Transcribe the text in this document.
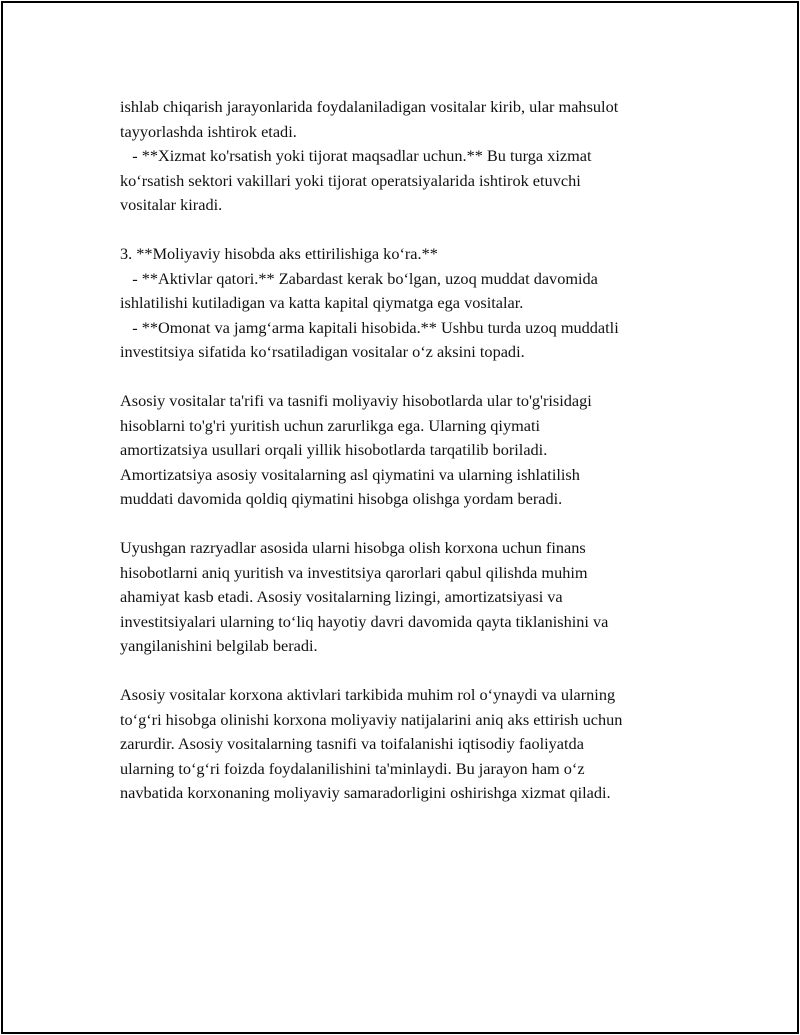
ishlab chiqarish jarayonlarida foydalaniladigan vositalar kirib, ular mahsulot
tayyorlashda ishtirok etadi.
- **Xizmat ko'rsatish yoki tijorat maqsadlar uchun.** Bu turga xizmat
ko‘rsatish sektori vakillari yoki tijorat operatsiyalarida ishtirok etuvchi
vositalar kiradi.
3. **Moliyaviy hisobda aks ettirilishiga ko‘ra.**
- **Aktivlar qatori.** Zabardast kerak bo‘lgan, uzoq muddat davomida
ishlatilishi kutiladigan va katta kapital qiymatga ega vositalar.
- **Omonat va jamg‘arma kapitali hisobida.** Ushbu turda uzoq muddatli
investitsiya sifatida ko‘rsatiladigan vositalar o‘z aksini topadi.
Asosiy vositalar ta'rifi va tasnifi moliyaviy hisobotlarda ular to'g'risidagi
hisoblarni to'g'ri yuritish uchun zarurlikga ega. Ularning qiymati
amortizatsiya usullari orqali yillik hisobotlarda tarqatilib boriladi.
Amortizatsiya asosiy vositalarning asl qiymatini va ularning ishlatilish
muddati davomida qoldiq qiymatini hisobga olishga yordam beradi.
Uyushgan razryadlar asosida ularni hisobga olish korxona uchun finans
hisobotlarni aniq yuritish va investitsiya qarorlari qabul qilishda muhim
ahamiyat kasb etadi. Asosiy vositalarning lizingi, amortizatsiyasi va
investitsiyalari ularning to‘liq hayotiy davri davomida qayta tiklanishini va
yangilanishini belgilab beradi.
Asosiy vositalar korxona aktivlari tarkibida muhim rol o‘ynaydi va ularning
to‘g‘ri hisobga olinishi korxona moliyaviy natijalarini aniq aks ettirish uchun
zarurdir. Asosiy vositalarning tasnifi va toifalanishi iqtisodiy faoliyatda
ularning to‘g‘ri foizda foydalanilishini ta'minlaydi. Bu jarayon ham o‘z
navbatida korxonaning moliyaviy samaradorligini oshirishga xizmat qiladi.
